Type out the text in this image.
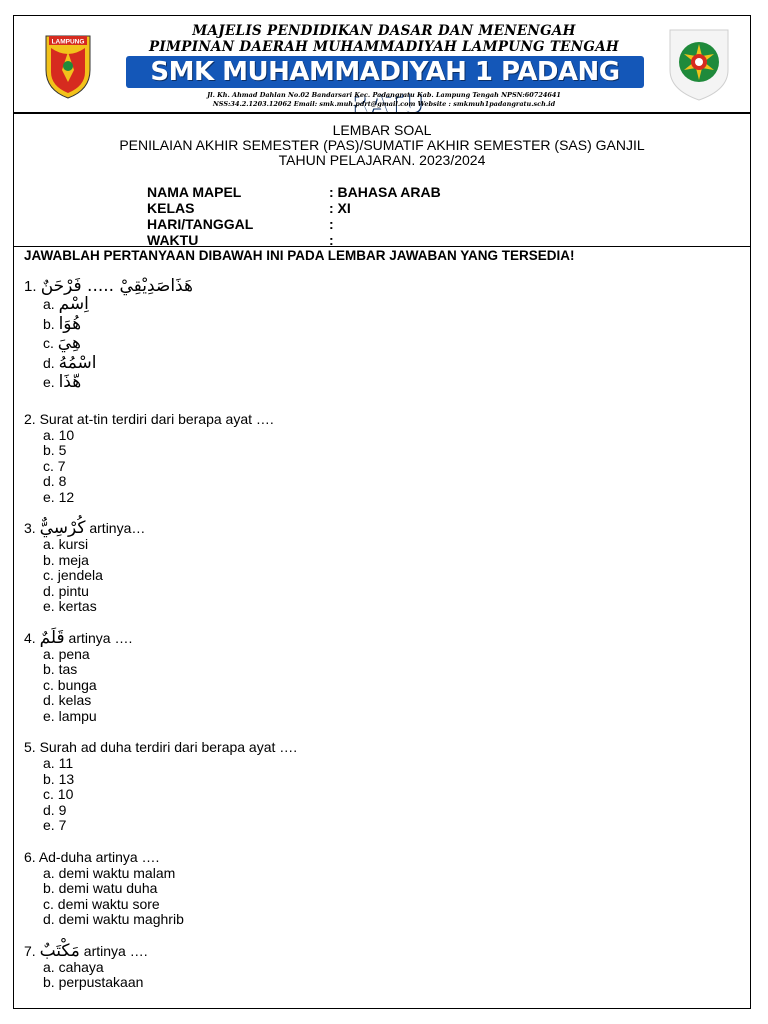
LAMPUNG
MAJELIS PENDIDIKAN DASAR DAN MENENGAH
PIMPINAN DAERAH MUHAMMADIYAH LAMPUNG TENGAH
SMK MUHAMMADIYAH 1 PADANG RATU
Jl. Kh. Ahmad Dahlan No.02 Bandarsari Kec. Padangratu Kab. Lampung Tengah NPSN:60724641
NSS:34.2.1203.12062 Email: smk.muh.pdrt@gmail.com Website : smkmuh1padangratu.sch.id
LEMBAR SOAL
PENILAIAN AKHIR SEMESTER (PAS)/SUMATIF AKHIR SEMESTER (SAS) GANJIL
TAHUN PELAJARAN. 2023/2024
NAMA MAPEL	: BAHASA ARAB
KELAS	: XI
HARI/TANGGAL	:
WAKTU	:
JAWABLAH PERTANYAAN DIBAWAH INI PADA LEMBAR JAWABAN YANG TERSEDIA!
1. هَذَاصَدِيْقِيْ ..... فَرْحَنٌ
a. اِسْم
b. هُوَا
c. هِيَ
d. اسْمُهُ
e. هّذَا
2. Surat at-tin terdiri dari berapa ayat ….
a. 10
b. 5
c. 7
d. 8
e. 12
3. كُرْسِيٌّ artinya…
a. kursi
b. meja
c. jendela
d. pintu
e. kertas
4. قَلَمٌ artinya ….
a. pena
b. tas
c. bunga
d. kelas
e. lampu
5. Surah ad duha terdiri dari berapa ayat ….
a. 11
b. 13
c. 10
d. 9
e. 7
6. Ad-duha artinya ….
a. demi waktu malam
b. demi watu duha
c. demi waktu sore
d. demi waktu maghrib
7. مَكْتَبٌ artinya ….
a. cahaya
b. perpustakaan
